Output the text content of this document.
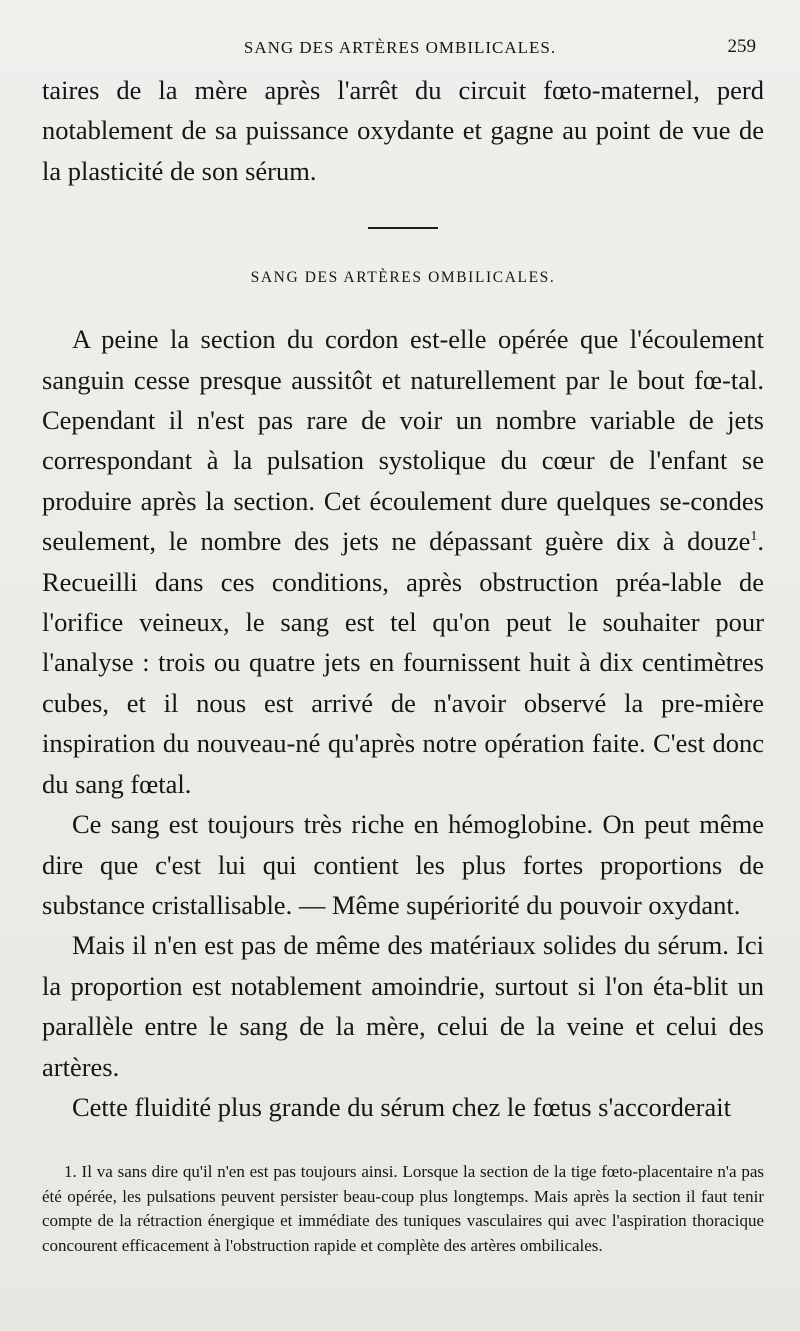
SANG DES ARTÈRES OMBILICALES.	259

taires de la mère après l'arrêt du circuit fœto-maternel, perd notablement de sa puissance oxydante et gagne au point de vue de la plasticité de son sérum.

SANG DES ARTÈRES OMBILICALES.

A peine la section du cordon est-elle opérée que l'écoulement sanguin cesse presque aussitôt et naturellement par le bout fœ-tal. Cependant il n'est pas rare de voir un nombre variable de jets correspondant à la pulsation systolique du cœur de l'enfant se produire après la section. Cet écoulement dure quelques se-condes seulement, le nombre des jets ne dépassant guère dix à douze$^1$. Recueilli dans ces conditions, après obstruction préa-lable de l'orifice veineux, le sang est tel qu'on peut le souhaiter pour l'analyse : trois ou quatre jets en fournissent huit à dix centimètres cubes, et il nous est arrivé de n'avoir observé la pre-mière inspiration du nouveau-né qu'après notre opération faite. C'est donc du sang fœtal.

Ce sang est toujours très riche en hémoglobine. On peut même dire que c'est lui qui contient les plus fortes proportions de substance cristallisable. — Même supériorité du pouvoir oxydant.

Mais il n'en est pas de même des matériaux solides du sérum. Ici la proportion est notablement amoindrie, surtout si l'on éta-blit un parallèle entre le sang de la mère, celui de la veine et celui des artères.

Cette fluidité plus grande du sérum chez le fœtus s'accorderait

1. Il va sans dire qu'il n'en est pas toujours ainsi. Lorsque la section de la tige fœto-placentaire n'a pas été opérée, les pulsations peuvent persister beau-coup plus longtemps. Mais après la section il faut tenir compte de la rétraction énergique et immédiate des tuniques vasculaires qui avec l'aspiration thoracique concourent efficacement à l'obstruction rapide et complète des artères ombilicales.
